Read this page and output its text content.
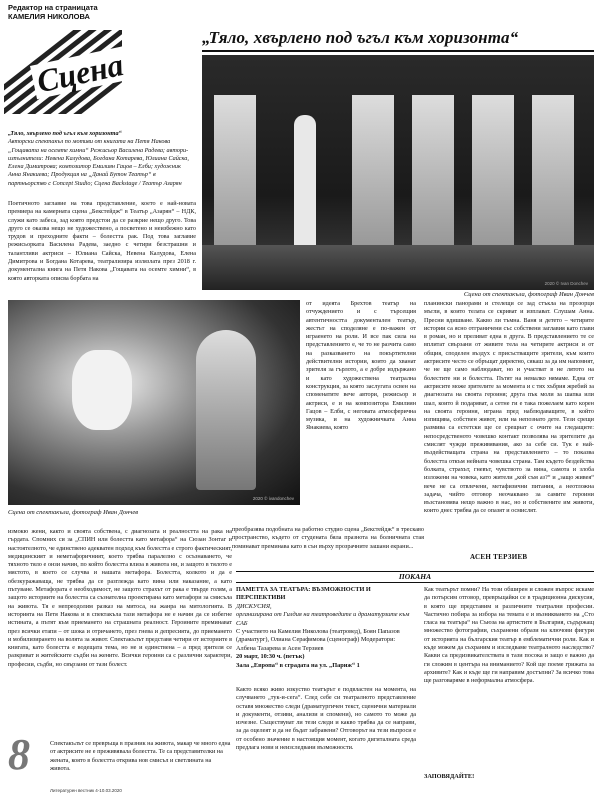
Редактор на страницата
КАМЕЛИЯ НИКОЛОВА
Сцена
„Тяло, хвърлено под ъгъл към хоризонта“
2020 © Ivan Donchev
Сцена от спектакъла, фотограф Иван Дончев

„Тяло, хвърлено под ъгъл към хоризонта“

Авторски спектакъл по мотиви от книгата на Петя Накова „Гощавата на осемте химни“ Режисьор Василена Радева; автори-изпълнители: Невена Калудова, Богдана Котарева, Юлиана Сайска, Елена Димитрова; композитор Емилиян Гацов – Елби; художник Анна Янакиева; Продукция на „Данай Бутон Театър“ в партньорство с Concept Studio; Сцена Backstage / Театър Азарян

Поетичното заглавие на това представление, което е най-новата премиера на камерната сцена „Бекстейдж“ в Театър „Азарян“ – НДК, служи като забеса, зад която предстои да се разкрие нещо друго. Това друго се оказва нещо не художествено, а посветено и неизбежно като трудов и преходните факти – болестта рак. Под това заглавие режисьорката Василена Радева, заедно с четири безстрашни и талантливи актриси – Юлиана Сайска, Невена Калудова, Елена Димитрова и Богдана Котарева, театрализира излязлата през 2018 г. документална книга на Петя Накова „Гощавата на осемте химни“, в която авторката описва борбата на
2020 © ivandonchev
Сцена от спектакъла, фотограф Иван Дончев
от идеята Брехтов театър на отчуждението и с търсещия автентичността документален театър, жестът на споделяне е по-важен от играенето на роли. И все пак сила на представлението е, че то не разчита само на разказването на покъртителни действителни истории, които да хванат зрителя за гърлото, а е добре издържано и като художествена театрална конструкция, за която заслугата освен на споменатите вече автори, режисьор и актриси, е и на композитора Емилиян Гацов – Елби, с неговата атмосферична музика, и на художничката Анна Янакиева, която
планински панорами и стелещи се зад стъкла на прозорци мъгли, в които телата се скриват и изплават. Слушам Анна. Пресни вдишване. Какво ли тъмна. Ваня и детето – четирите истории са ясно отграничени със собствени заглавия като глави в роман, но и преливат една в друга. В представлението те се вплитат свързани от живите тела на четирите актриси и от общия, споделен въздух с присъстващите зрители, към които актрисите често се обръщат директно, сякаш за да им напомнят, че не ще само наблюдават, но и участват в не лятото на болестите ни и болестта. Пътят на немалко нямаме. Една от актрисите може зрителите за момента и с тях хъбрия жребий за диагнозата на своята героиня; друга пък моли за шапка или шал, които й подаряват, а сетне ги е така пожелаем като корен на своята героиня, играна пред наблюдаващите, в който изпищява, собствен живот, или на непознато дете. Тези срещи размива са естетски ще се срещнат с очите на гледащите: непосредственото човешко контакт позволява на зрителите да смислят чужди преживявания, ако за себе си. Тук е най-въздействащата страна на представлението – то показва болестта откъм нейната човешка страна. Там където бездейства болката, страхът, гневът, чувството за вина, самота и злоба изложени на човека, като жители „кой съм аз?“ и „защо живея“ вече не са отвлечени, метафизични питания, а неотложна задача, чийто отговор неочаквано за самите героини възстановява нещо важно в нас, но и собствените им животи, които днес трябва да се опазят и осмислят.
измокю жени, както и своята собствена, с диагнозата и реалността на рака на гърдата. Спомних си за „СПИН или болестта като метафора“ на Сюзан Зонтаг и настоятелното, че единствено адекватен подход към болестта е строго фактическият, медицинският и неметафоричният, което трябва паралелно с осъзнаването, че тяхното тяло е онзи начин, по който болестта влиза в живота ни, и защото в тялото е мястото, в което се случва и нашата метафора. Болестта, колкото и да е обезкуражаваща, не трябва да се разглежда като вина или наказание, а като пътуване. Метафората е необходимост, не защото страхът от рака е твърде голям, а защото историите на болестта са съзнателна проектирана като метафори за смисъла на живота. Тя е непреодолим разказ на митоса, на жанра на митологията. В историята на Петя Накова и в спектакъла тази метафора не е начин да се избегне истината, а пътят към приемането на страшната реалност. Героините преминават през всички етапи – от шока и отричането, през гнева и депресията, до приемането и мобилизирането на волята за живот. Спектакълът представя четири от историите в книгата, като болестта е водещата тема, но не и единствена – а пред зрителя се разкриват и житейските съдби на жените. Всички героини са с различни характери, професии, съдби, но свързани от тази болест.
преобразява подобната на работно студио сцена „Бекстейдж“ в трескаво пространство, където от студената бяла празнота на болничната стая поминават преминава като в сън върху прозрачните зашани екрани...
8	Спектакълът се превръща в празник на живота, макар че много една от актрисите не е преживявала болестта. Те са представителки на жената, която в болестта открива нов смисъл и светлината на живота.
Литературен вестник 4-10.03.2020
АСЕН ТЕРЗИЕВ
ПОКАНА

ПАМЕТТА ЗА ТЕАТЪРА: ВЪЗМОЖНОСТИ И ПЕРСПЕКТИВИ

ДИСКУСИЯ,

организирана от Гилдия на театроведите и драматурзите към САБ

С участието на Камелия Николова (театровед), Боян Папазов (драматург), Олиана Серафимова (сценограф) Модератори: Албена Тазарева и Асен Терзиев

20 март, 10:30 ч. (петък)

Зала „Европа“ в сградата на ул. „Париж“ 1

Както всяко живо изкуство театърът е подвластен на момента, на случването „тук-и-сега“. След себе си театралното представление оставя множество следи (драматургичен текст, сценични материали и документи, отзиви, анализи и спомени), но самото то може да изчезне. Съществуват ли тези следи и какво трябва да се направи, за да оцелеят и да не бъдат забравени? Отговорът на тези въпроси е от особено значение в настоящия момент, когато дигиталната среда предлага нови и неизследвани възможности.
Как театърът помни? На този обширен и сложен въпрос искаме да потърсим отговор, превръщайки се в традиционна дискусия, в която ще представим и различните театрални професии. Частично побира за избора на темата е и възникването на „Сто гласа на театъра“ на Съюза на артистите в България, съдържащ множество фотографии, съхранени образи на ключови фигури от историята на българския театър в емблематични роли. Как и къде можем да съхраним и изследваме театралното наследство? Какви са предизвикателствата в тази посока и защо е важно да ги сложим в центъра на вниманието? Кой ще поеме грижата за архивите? Как и къде ще ги направим достъпни? За всичко това ще разговаряме в неформална атмосфера.
ЗАПОВЯДАЙТЕ!
